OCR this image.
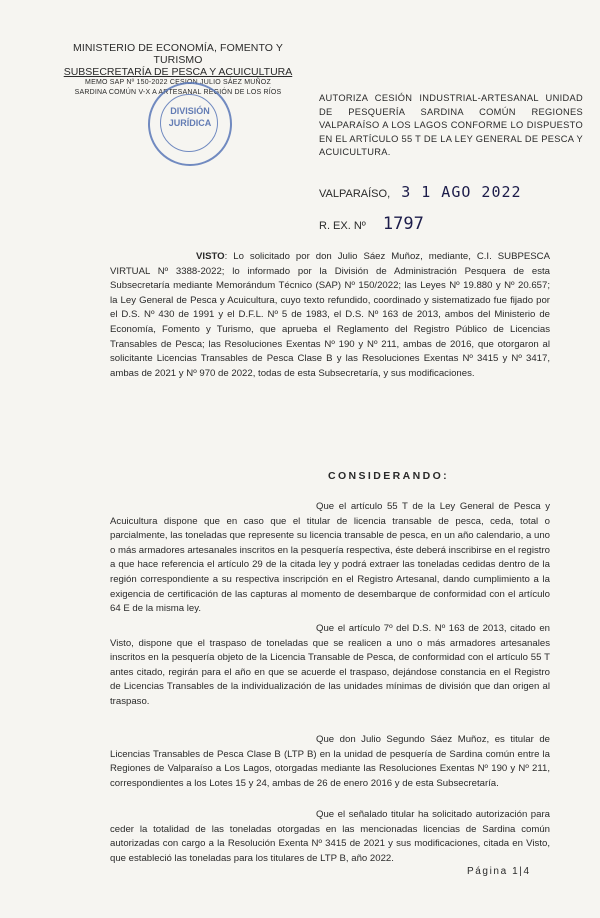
MINISTERIO DE ECONOMÍA, FOMENTO Y TURISMO
SUBSECRETARÍA DE PESCA Y ACUICULTURA
MEMO SAP Nº 150-2022 CESION JULIO SÁEZ MUÑOZ
SARDINA COMÚN V-X A ARTESANAL REGIÓN DE LOS RÍOS
DIVISIÓN
JURÍDICA
AUTORIZA CESIÓN INDUSTRIAL-ARTESANAL UNIDAD DE PESQUERÍA SARDINA COMÚN REGIONES VALPARAÍSO A LOS LAGOS CONFORME LO DISPUESTO EN EL ARTÍCULO 55 T DE LA LEY GENERAL DE PESCA Y ACUICULTURA.
VALPARAÍSO, 3 1 AGO 2022
R. EX. Nº 1797
VISTO: Lo solicitado por don Julio Sáez Muñoz, mediante, C.I. SUBPESCA VIRTUAL Nº 3388-2022; lo informado por la División de Administración Pesquera de esta Subsecretaría mediante Memorándum Técnico (SAP) Nº 150/2022; las Leyes Nº 19.880 y Nº 20.657; la Ley General de Pesca y Acuicultura, cuyo texto refundido, coordinado y sistematizado fue fijado por el D.S. Nº 430 de 1991 y el D.F.L. Nº 5 de 1983, el D.S. Nº 163 de 2013, ambos del Ministerio de Economía, Fomento y Turismo, que aprueba el Reglamento del Registro Público de Licencias Transables de Pesca; las Resoluciones Exentas Nº 190 y Nº 211, ambas de 2016, que otorgaron al solicitante Licencias Transables de Pesca Clase B y las Resoluciones Exentas Nº 3415 y Nº 3417, ambas de 2021 y Nº 970 de 2022, todas de esta Subsecretaría, y sus modificaciones.
CONSIDERANDO:
Que el artículo 55 T de la Ley General de Pesca y Acuicultura dispone que en caso que el titular de licencia transable de pesca, ceda, total o parcialmente, las toneladas que represente su licencia transable de pesca, en un año calendario, a uno o más armadores artesanales inscritos en la pesquería respectiva, éste deberá inscribirse en el registro a que hace referencia el artículo 29 de la citada ley y podrá extraer las toneladas cedidas dentro de la región correspondiente a su respectiva inscripción en el Registro Artesanal, dando cumplimiento a la exigencia de certificación de las capturas al momento de desembarque de conformidad con el artículo 64 E de la misma ley.
Que el artículo 7º del D.S. Nº 163 de 2013, citado en Visto, dispone que el traspaso de toneladas que se realicen a uno o más armadores artesanales inscritos en la pesquería objeto de la Licencia Transable de Pesca, de conformidad con el artículo 55 T antes citado, regirán para el año en que se acuerde el traspaso, dejándose constancia en el Registro de Licencias Transables de la individualización de las unidades mínimas de división que dan origen al traspaso.
Que don Julio Segundo Sáez Muñoz, es titular de Licencias Transables de Pesca Clase B (LTP B) en la unidad de pesquería de Sardina común entre la Regiones de Valparaíso a Los Lagos, otorgadas mediante las Resoluciones Exentas Nº 190 y Nº 211, correspondientes a los Lotes 15 y 24, ambas de 26 de enero 2016 y de esta Subsecretaría.
Que el señalado titular ha solicitado autorización para ceder la totalidad de las toneladas otorgadas en las mencionadas licencias de Sardina común autorizadas con cargo a la Resolución Exenta Nº 3415 de 2021 y sus modificaciones, citada en Visto, que estableció las toneladas para los titulares de LTP B, año 2022.
Página 1|4
